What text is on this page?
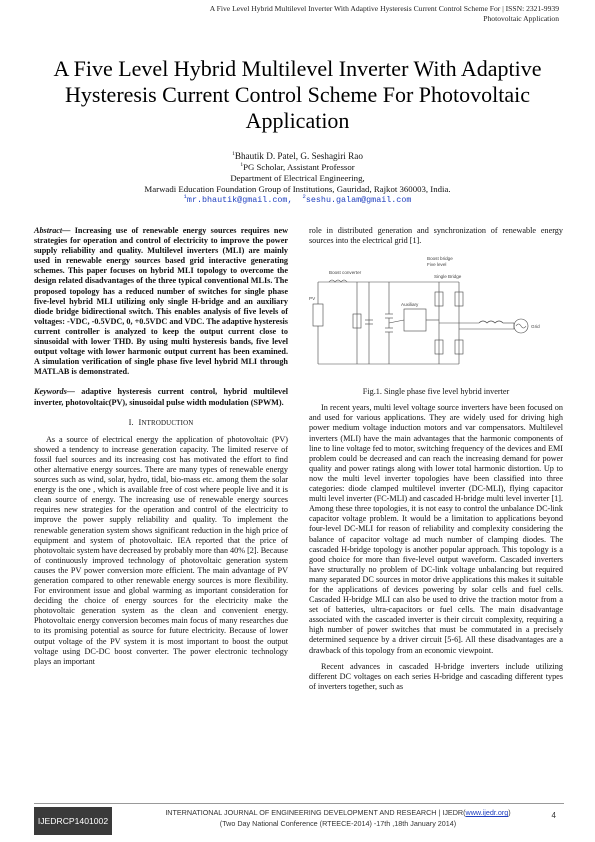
A Five Level Hybrid Multilevel Inverter With Adaptive Hysteresis Current Control Scheme For | ISSN: 2321-9939
Photovoltaic Application
A Five Level Hybrid Multilevel Inverter With Adaptive Hysteresis Current Control Scheme For Photovoltaic Application
$^1$Bhautik D. Patel, G. Seshagiri Rao
$^1$PG Scholar, Assistant Professor
Department of Electrical Engineering,
Marwadi Education Foundation Group of Institutions, Gauridad, Rajkot 360003, India.
$^1$mr.bhautik@gmail.com,  $^2$seshu.galam@gmail.com

Abstract— Increasing use of renewable energy sources requires new strategies for operation and control of electricity to improve the power supply reliability and quality. Multilevel inverters (MLI) are mainly used in renewable energy sources based grid interactive generating schemes. This paper focuses on hybrid MLI topology to overcome the design related disadvantages of the three typical conventional MLIs. The proposed topology has a reduced number of switches for single phase five-level hybrid MLI utilizing only single H-bridge and an auxiliary diode bridge bidirectional switch. This enables analysis of five levels of voltages: -VDC, -0.5VDC, 0, +0.5VDC and VDC. The adaptive hysteresis current controller is analyzed to keep the output current close to sinusoidal with lower THD. By using multi hysteresis bands, five level output voltage with lower harmonic output current has been examined. A simulation verification of single phase five level hybrid MLI through MATLAB is demonstrated.

Keywords— adaptive hysteresis current control, hybrid multilevel inverter, photovoltaic(PV), sinusoidal pulse width modulation (SPWM).

I. INTRODUCTION

As a source of electrical energy the application of photovoltaic (PV) showed a tendency to increase generation capacity. The limited reserve of fossil fuel sources and its increasing cost has motivated the effort to find other alternative energy sources. There are many types of renewable energy sources such as wind, solar, hydro, tidal, bio-mass etc. among them the solar energy is the one , which is available free of cost where people live and it is clean source of energy. The increasing use of renewable energy sources requires new strategies for the operation and control of the electricity to improve the power supply reliability and quality. To implement the renewable generation system shows significant reduction in the high price of equipment and system of photovoltaic. IEA reported that the price of photovoltaic system have decreased by probably more than 40% [2]. Because of continuously improved technology of photovoltaic generation system causes the PV power conversion more efficient. The main advantage of PV generation compared to other renewable energy sources is more flexibility. For environment issue and global warming as important consideration for deciding the choice of energy sources for the electricity make the photovoltaic generation system as the clean and convenient energy. Photovoltaic energy conversion becomes main focus of many researches due to its promising potential as source for future electricity. Because of lower output voltage of the PV system it is most important to boost the output voltage using DC-DC boost converter. The power electronic technology plays an important

role in distributed generation and synchronization of renewable energy sources into the electrical grid [1].

Boost bridge
Five level
Auxiliary
Single Bridge
Boost converter
PV
Grid
Fig.1. Single phase five level hybrid inverter

In recent years, multi level voltage source inverters have been focused on and used for various applications. They are widely used for driving high power medium voltage induction motors and var compensators. Multilevel inverters (MLI) have the main advantages that the harmonic components of line to line voltage fed to motor, switching frequency of the devices and EMI problem could be decreased and can reach the increasing demand for power quality and power ratings along with lower total harmonic distortion. Up to now the multi level inverter topologies have been classified into three categories: diode clamped multilevel inverter (DC-MLI), flying capacitor multi level inverter (FC-MLI) and cascaded H-bridge multi level inverter [1]. Among these three topologies, it is not easy to control the unbalance DC-link capacitor voltage problem. It would be a limitation to applications beyond four-level DC-MLI for reason of reliability and complexity considering the balance of capacitor voltage ad much number of clamping diodes. The cascaded H-bridge topology is another popular approach. This topology is a good choice for more than five-level output waveform. Cascaded inverters have structurally no problem of DC-link voltage unbalancing but required many separated DC sources in motor drive applications this makes it suitable for the applications of devices powering by solar cells and fuel cells. Cascaded H-bridge MLI can also be used to drive the traction motor from a set of batteries, ultra-capacitors or fuel cells. The main disadvantage associated with the cascaded inverter is their circuit complexity, requiring a high number of power switches that must be commutated in a precisely determined sequence by a driver circuit [5-6]. All these disadvantages are a drawback of this topology from an economic viewpoint.

Recent advances in cascaded H-bridge inverters include utilizing different DC voltages on each series H-bridge and cascading different types of inverters together, such as

IJEDRCP1401002
INTERNATIONAL JOURNAL OF ENGINEERING DEVELOPMENT AND RESEARCH | IJEDR(www.ijedr.org)
(Two Day National Conference (RTEECE-2014) -17th ,18th January 2014)
4
